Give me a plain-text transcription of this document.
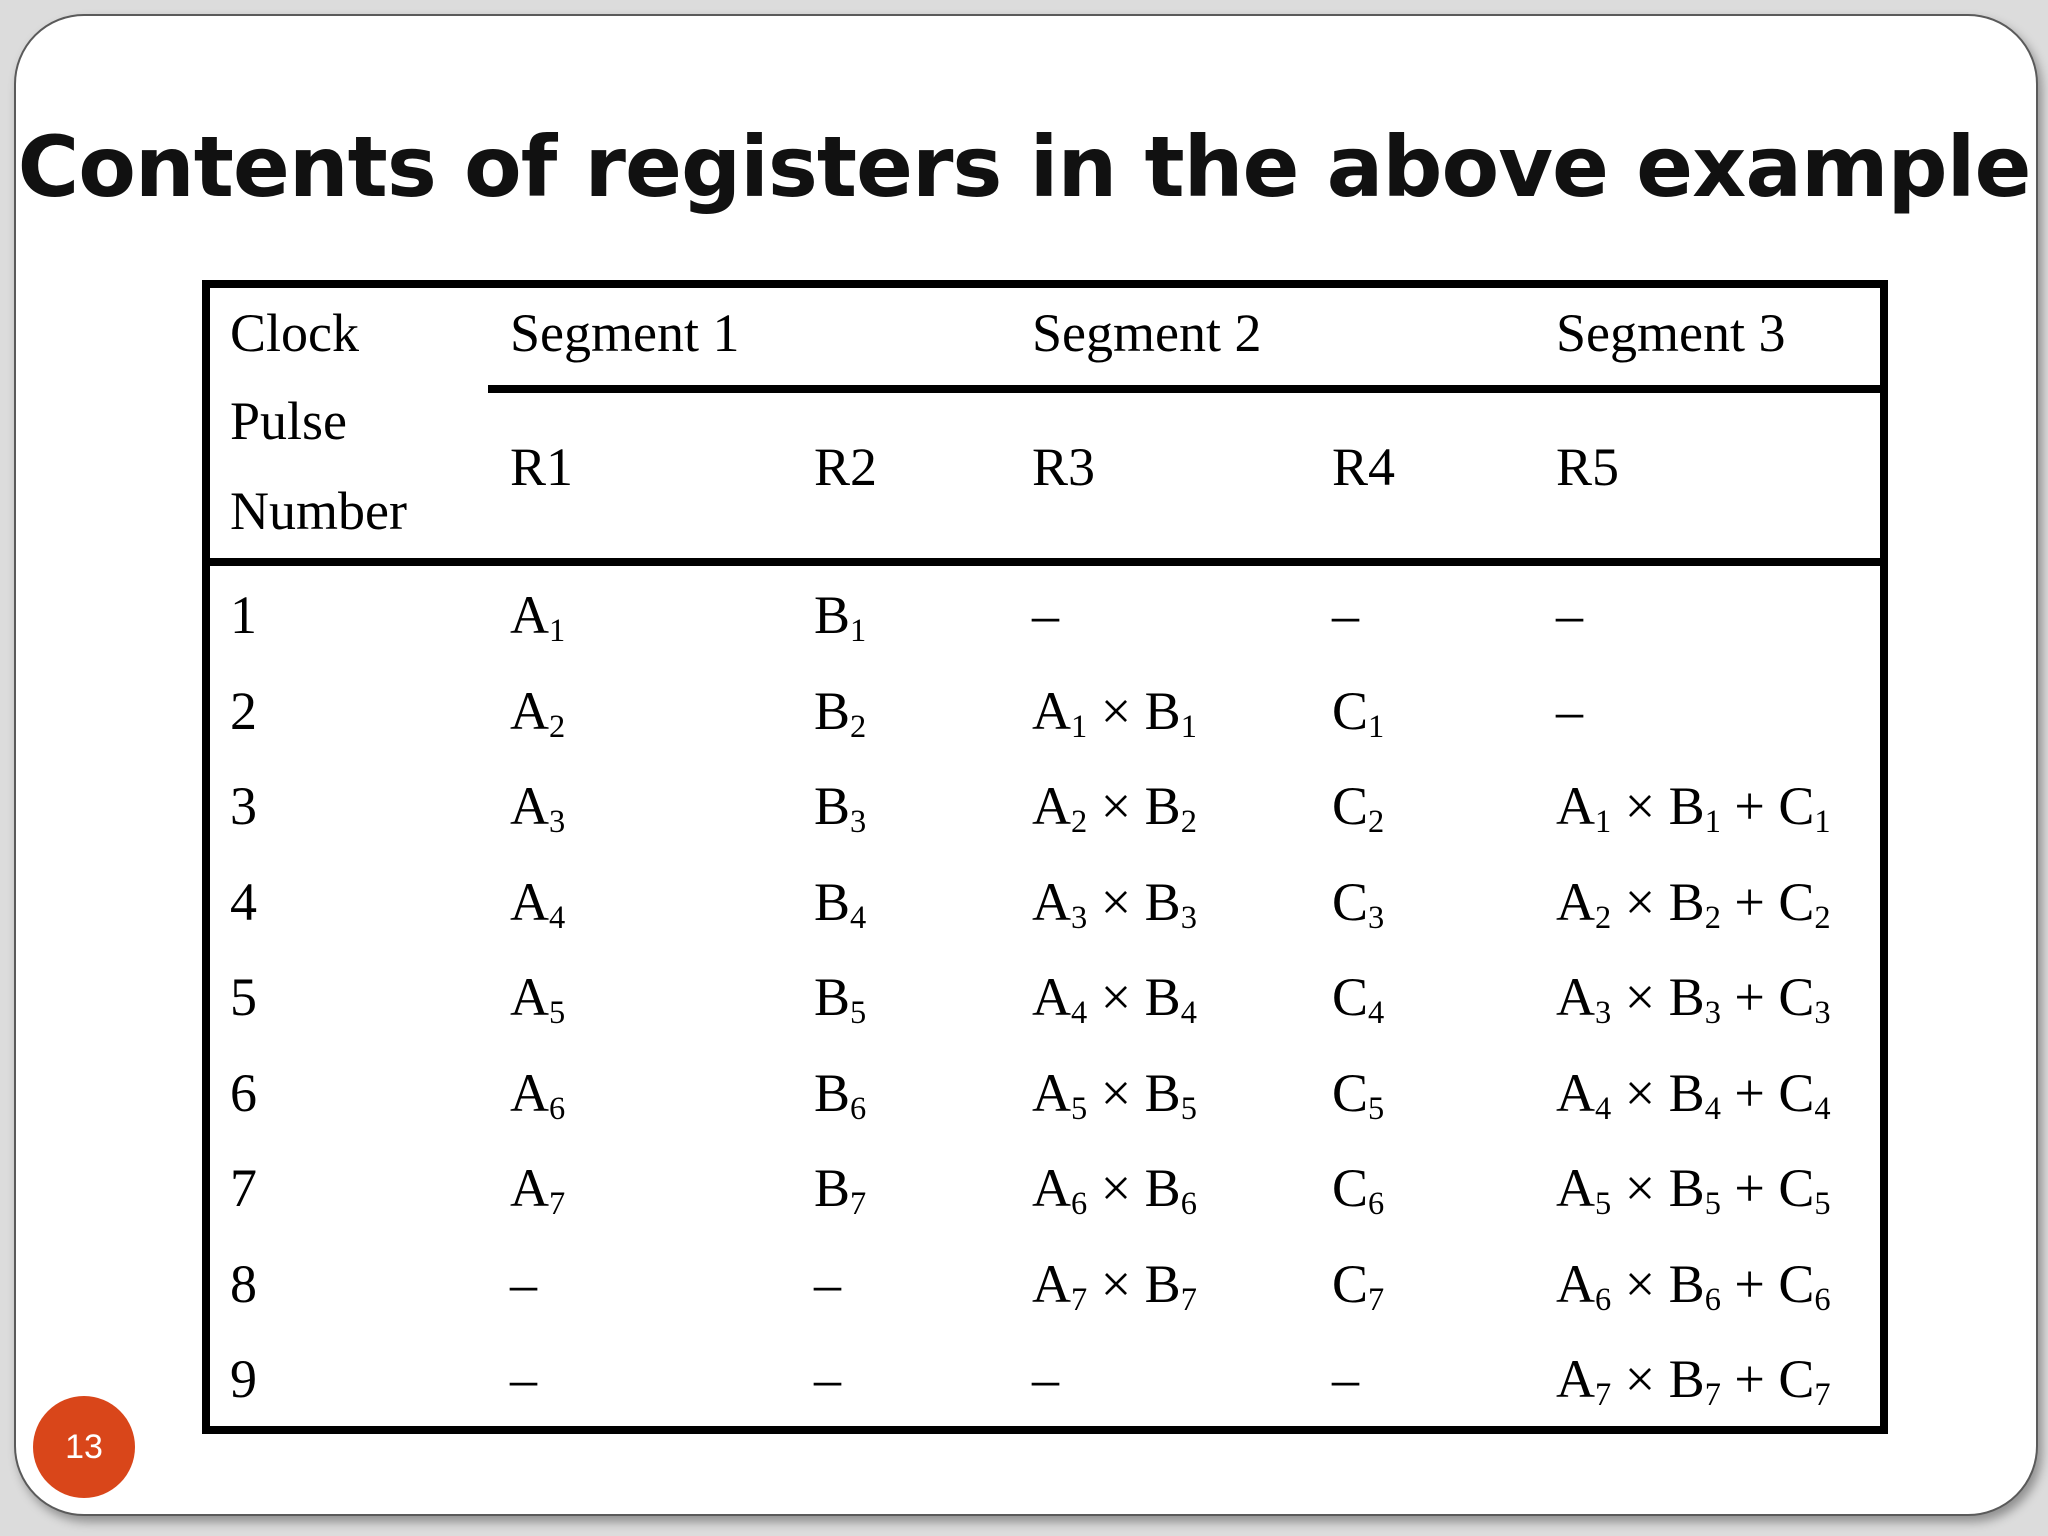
Contents of registers in the above example
Clock
Pulse
Number
Segment 1	Segment 2	Segment 3
R1	R2	R3	R4	R5
1	$A_1$	$B_1$	–	–	–
2	$A_2$	$B_2$	$A_1 \times B_1$	$C_1$	–
3	$A_3$	$B_3$	$A_2 \times B_2$	$C_2$	$A_1 \times B_1 + C_1$
4	$A_4$	$B_4$	$A_3 \times B_3$	$C_3$	$A_2 \times B_2 + C_2$
5	$A_5$	$B_5$	$A_4 \times B_4$	$C_4$	$A_3 \times B_3 + C_3$
6	$A_6$	$B_6$	$A_5 \times B_5$	$C_5$	$A_4 \times B_4 + C_4$
7	$A_7$	$B_7$	$A_6 \times B_6$	$C_6$	$A_5 \times B_5 + C_5$
8	–	–	$A_7 \times B_7$	$C_7$	$A_6 \times B_6 + C_6$
9	–	–	–	–	$A_7 \times B_7 + C_7$
13
